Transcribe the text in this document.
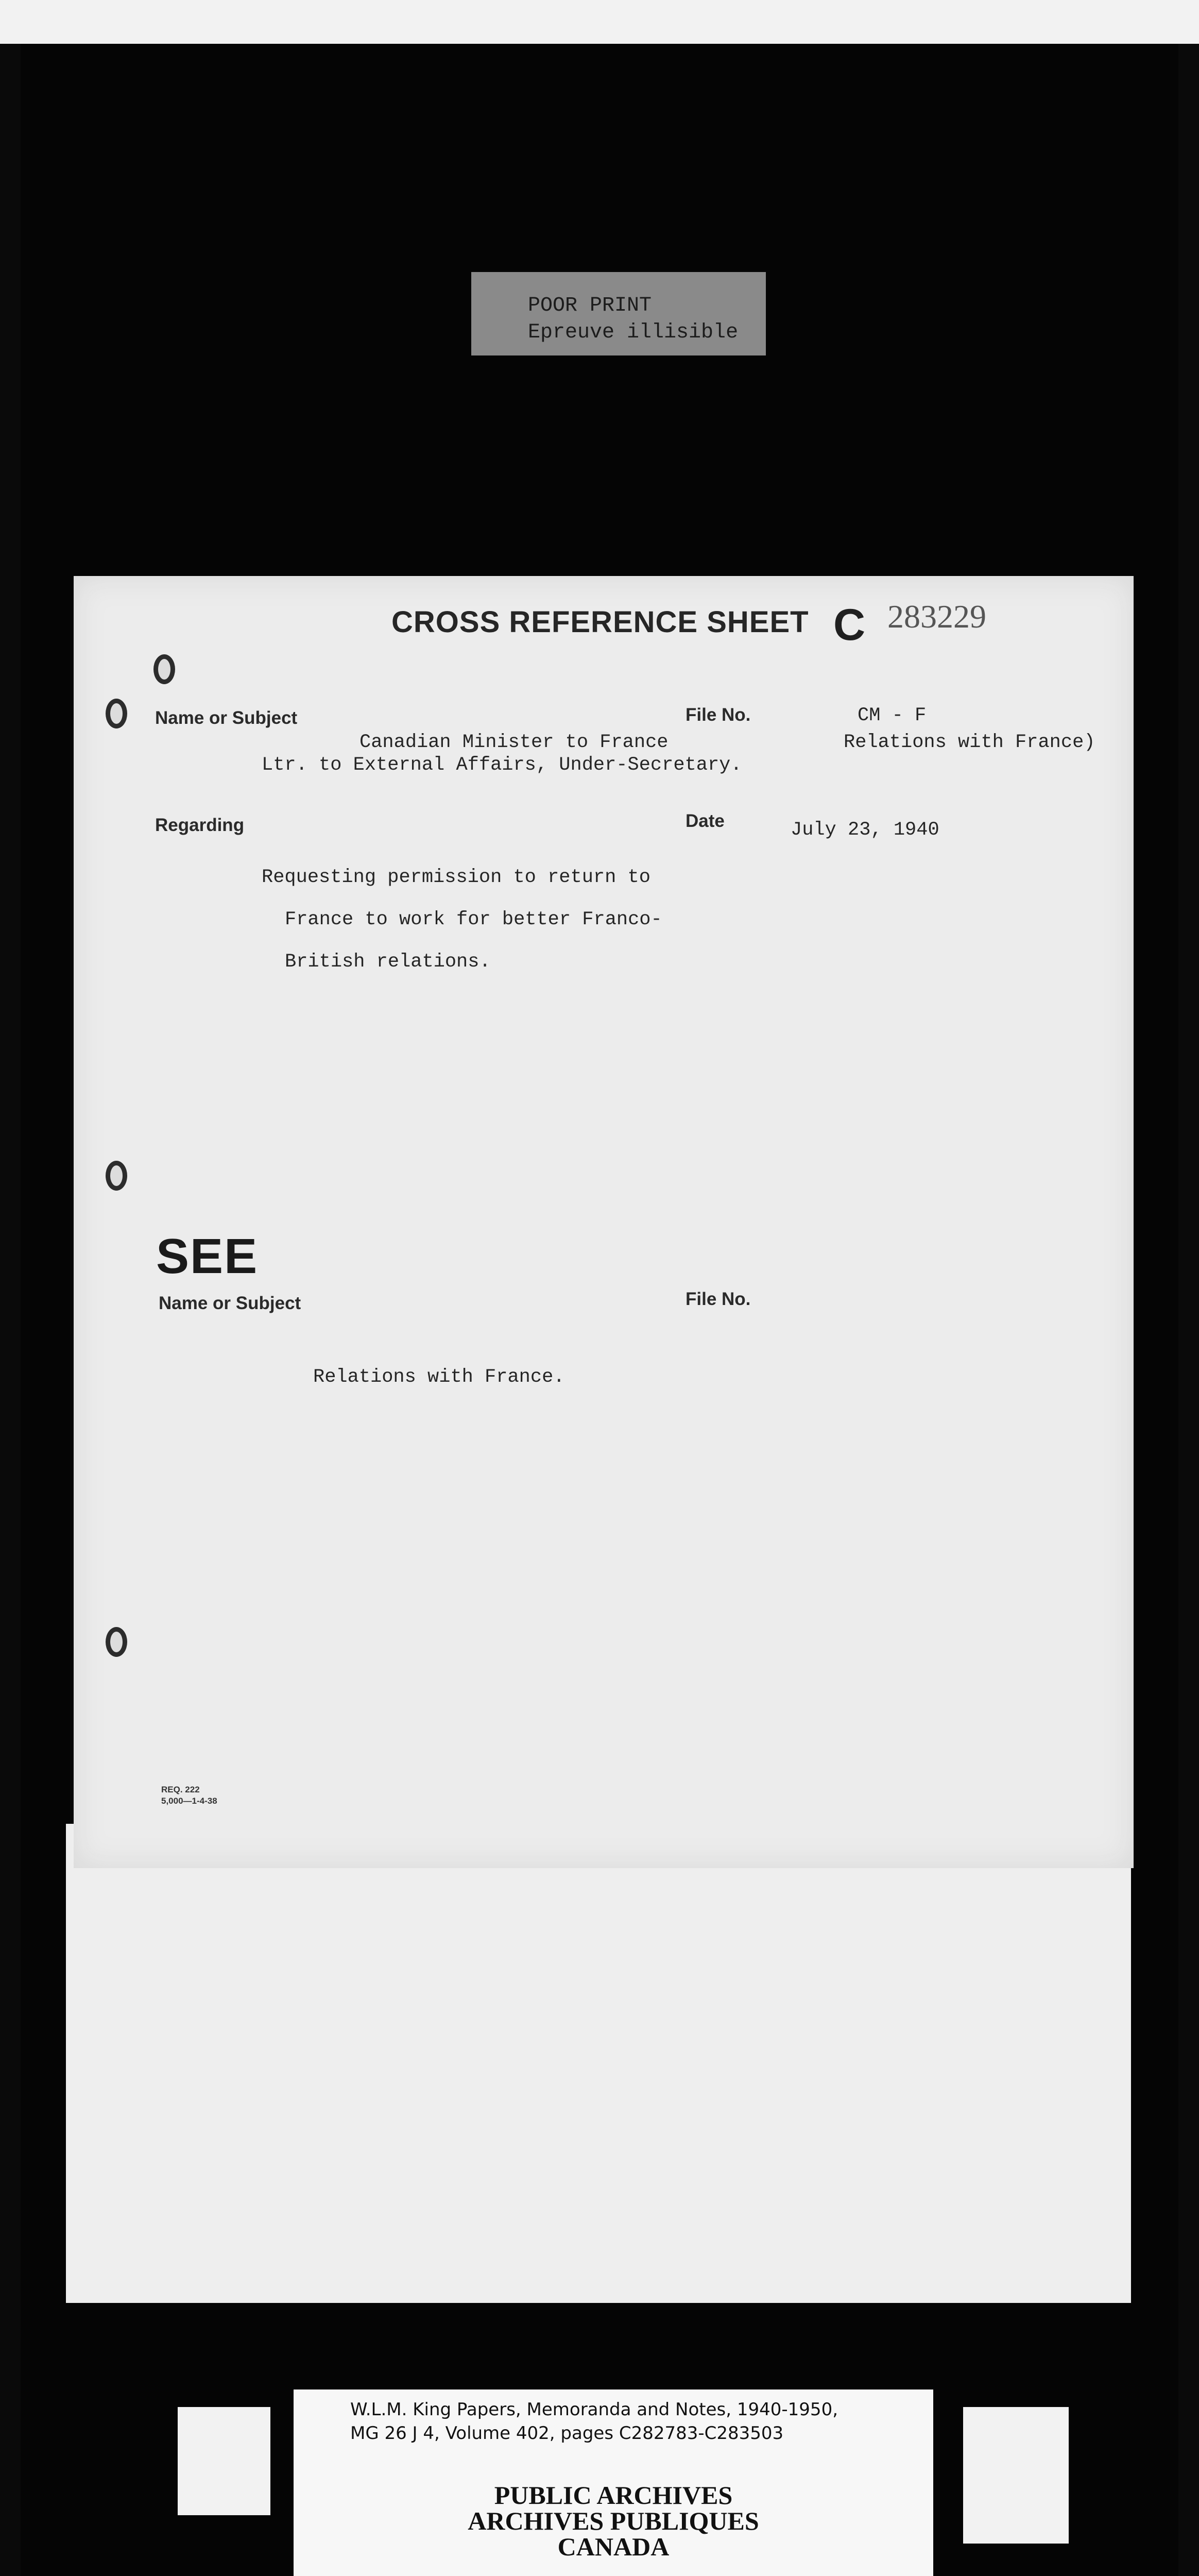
POOR PRINT
Epreuve illisible
CROSS REFERENCE SHEET C 283229
Name or Subject	File No.	CM - F
Canadian Minister to France	Relations with France)
Ltr. to External Affairs, Under-Secretary.
Regarding	Date	July 23, 1940
Requesting permission to return to
France to work for better Franco-
British relations.
SEE
Name or Subject	File No.
Relations with France.
REQ. 222
5,000—1-4-38
W.L.M. King Papers, Memoranda and Notes, 1940-1950,
MG 26 J 4, Volume 402, pages C282783-C283503
PUBLIC ARCHIVES
ARCHIVES PUBLIQUES
CANADA
